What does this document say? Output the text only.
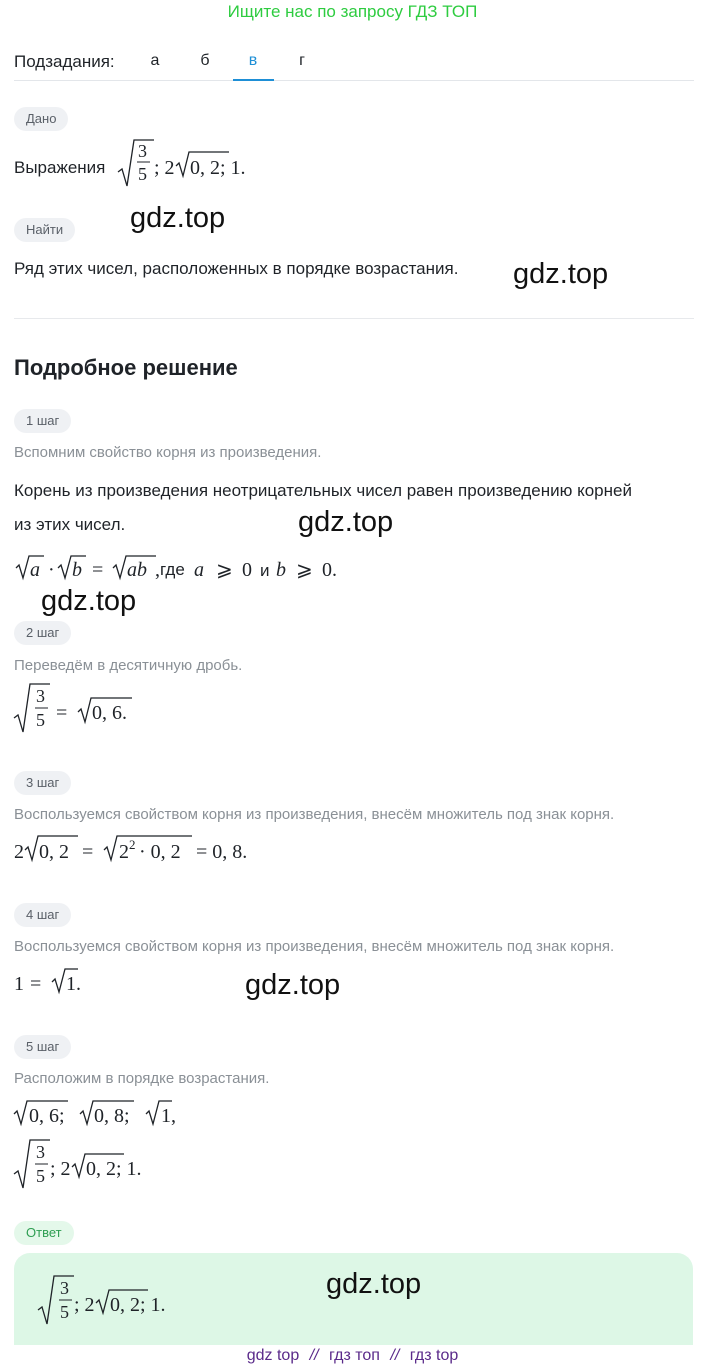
Ищите нас по запросу ГДЗ ТОП
Подзадания:	а	б	в	г
Дано
Выражения
3
5 ; 2 0, 2; 1.
Найти	gdz.top
Ряд этих чисел, расположенных в порядке возрастания. gdz.top
Подробное решение
1 шаг
Вспомним свойство корня из произведения.
Корень из произведения неотрицательных чисел равен произведению корней
из этих чисел.	gdz.top
a · b = ab , где a ⩾ 0 и b ⩾ 0.
gdz.top
2 шаг
Переведём в десятичную дробь.
3
5 = 0, 6.
3 шаг
Воспользуемся свойством корня из произведения, внесём множитель под знак корня.
2 0, 2 = 2 2 · 0, 2 = 0, 8.
4 шаг
Воспользуемся свойством корня из произведения, внесём множитель под знак корня.
1 = 1.	gdz.top
5 шаг
Расположим в порядке возрастания.
0, 6; 0, 8; 1,
3
5 ; 2 0, 2; 1.
Ответ
3
5 ; 2 0, 2; 1.
gdz.top
gdz top // гдз топ // гдз top
